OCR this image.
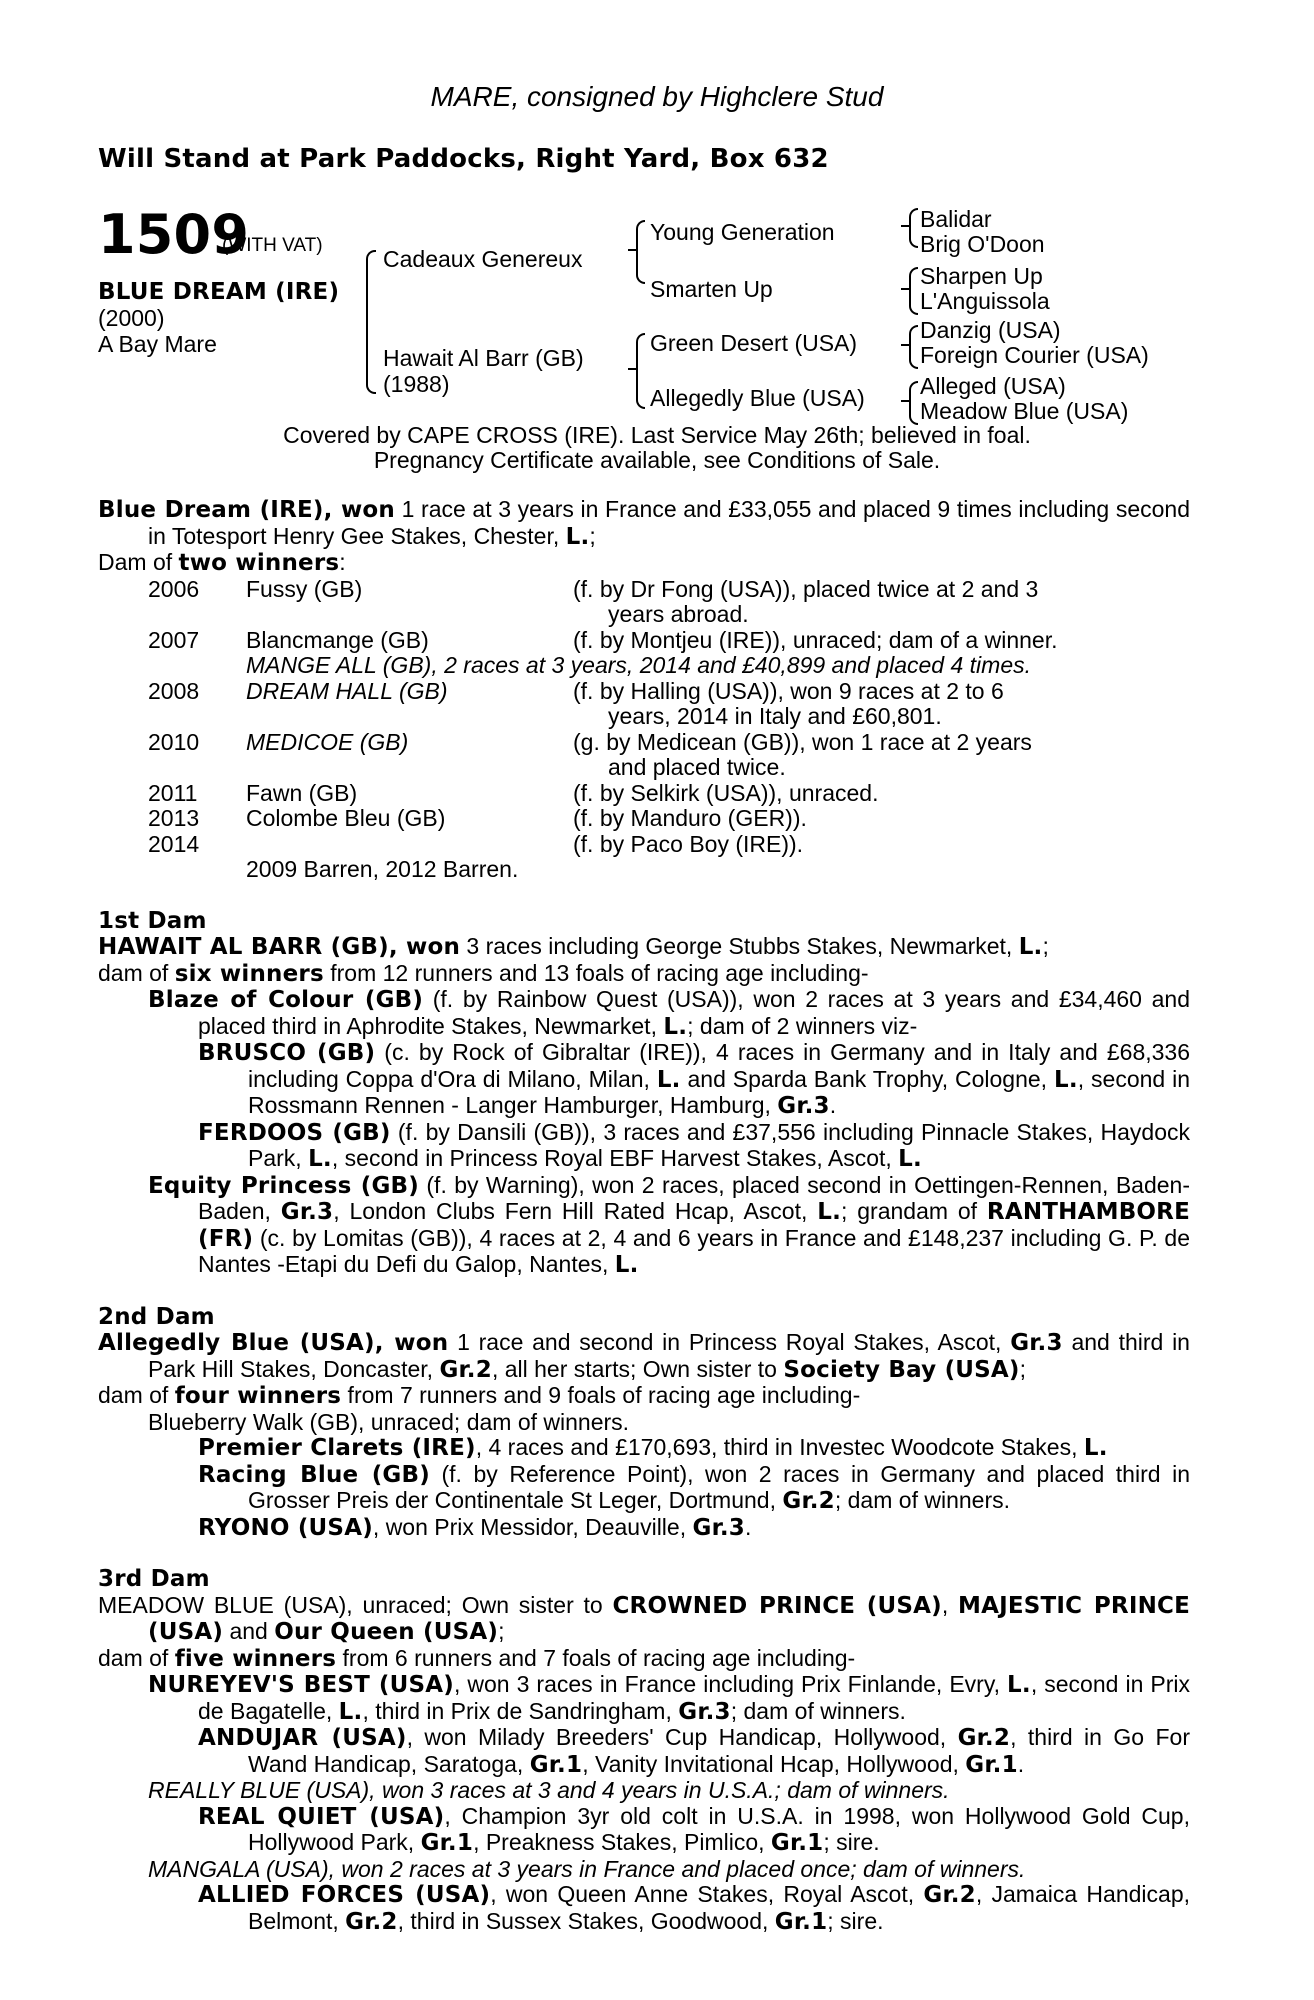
MARE, consigned by Highclere Stud
Will Stand at Park Paddocks, Right Yard, Box 632
1509
(WITH VAT)
BLUE DREAM (IRE)
(2000)
A Bay Mare
Cadeaux Genereux
Hawait Al Barr (GB)
(1988)
Young Generation
Smarten Up
Green Desert (USA)
Allegedly Blue (USA)
Balidar
Brig O'Doon
Sharpen Up
L'Anguissola
Danzig (USA)
Foreign Courier (USA)
Alleged (USA)
Meadow Blue (USA)
Covered by CAPE CROSS (IRE). Last Service May 26th; believed in foal.
Pregnancy Certificate available, see Conditions of Sale.

Blue Dream (IRE), won 1 race at 3 years in France and £33,055 and placed 9 times including second in Totesport Henry Gee Stakes, Chester, L.;

Dam of two winners:

2006 Fussy (GB)	(f. by Dr Fong (USA)), placed twice at 2 and 3

years abroad.

2007 Blancmange (GB)	(f. by Montjeu (IRE)), unraced; dam of a winner.

MANGE ALL (GB), 2 races at 3 years, 2014 and £40,899 and placed 4 times.

2008 DREAM HALL (GB)	(f. by Halling (USA)), won 9 races at 2 to 6

years, 2014 in Italy and £60,801.

2010 MEDICOE (GB)	(g. by Medicean (GB)), won 1 race at 2 years

and placed twice.

2011 Fawn (GB)	(f. by Selkirk (USA)), unraced.
2013 Colombe Bleu (GB)	(f. by Manduro (GER)).
2014	(f. by Paco Boy (IRE)).

2009 Barren, 2012 Barren.

1st Dam

HAWAIT AL BARR (GB), won 3 races including George Stubbs Stakes, Newmarket, L.;

dam of six winners from 12 runners and 13 foals of racing age including-

Blaze of Colour (GB) (f. by Rainbow Quest (USA)), won 2 races at 3 years and £34,460 and placed third in Aphrodite Stakes, Newmarket, L.; dam of 2 winners viz-

BRUSCO (GB) (c. by Rock of Gibraltar (IRE)), 4 races in Germany and in Italy and £68,336 including Coppa d'Ora di Milano, Milan, L. and Sparda Bank Trophy, Cologne, L., second in Rossmann Rennen - Langer Hamburger, Hamburg, Gr.3.

FERDOOS (GB) (f. by Dansili (GB)), 3 races and £37,556 including Pinnacle Stakes, Haydock Park, L., second in Princess Royal EBF Harvest Stakes, Ascot, L.

Equity Princess (GB) (f. by Warning), won 2 races, placed second in Oettingen-Rennen, Baden-Baden, Gr.3, London Clubs Fern Hill Rated Hcap, Ascot, L.; grandam of RANTHAMBORE (FR) (c. by Lomitas (GB)), 4 races at 2, 4 and 6 years in France and £148,237 including G. P. de Nantes -Etapi du Defi du Galop, Nantes, L.

2nd Dam

Allegedly Blue (USA), won 1 race and second in Princess Royal Stakes, Ascot, Gr.3 and third in Park Hill Stakes, Doncaster, Gr.2, all her starts; Own sister to Society Bay (USA);

dam of four winners from 7 runners and 9 foals of racing age including-

Blueberry Walk (GB), unraced; dam of winners.

Premier Clarets (IRE), 4 races and £170,693, third in Investec Woodcote Stakes, L.

Racing Blue (GB) (f. by Reference Point), won 2 races in Germany and placed third in Grosser Preis der Continentale St Leger, Dortmund, Gr.2; dam of winners.

RYONO (USA), won Prix Messidor, Deauville, Gr.3.

3rd Dam

MEADOW BLUE (USA), unraced; Own sister to CROWNED PRINCE (USA), MAJESTIC PRINCE (USA) and Our Queen (USA);

dam of five winners from 6 runners and 7 foals of racing age including-

NUREYEV'S BEST (USA), won 3 races in France including Prix Finlande, Evry, L., second in Prix de Bagatelle, L., third in Prix de Sandringham, Gr.3; dam of winners.

ANDUJAR (USA), won Milady Breeders' Cup Handicap, Hollywood, Gr.2, third in Go For Wand Handicap, Saratoga, Gr.1, Vanity Invitational Hcap, Hollywood, Gr.1.

REALLY BLUE (USA), won 3 races at 3 and 4 years in U.S.A.; dam of winners.

REAL QUIET (USA), Champion 3yr old colt in U.S.A. in 1998, won Hollywood Gold Cup, Hollywood Park, Gr.1, Preakness Stakes, Pimlico, Gr.1; sire.

MANGALA (USA), won 2 races at 3 years in France and placed once; dam of winners.

ALLIED FORCES (USA), won Queen Anne Stakes, Royal Ascot, Gr.2, Jamaica Handicap, Belmont, Gr.2, third in Sussex Stakes, Goodwood, Gr.1; sire.
